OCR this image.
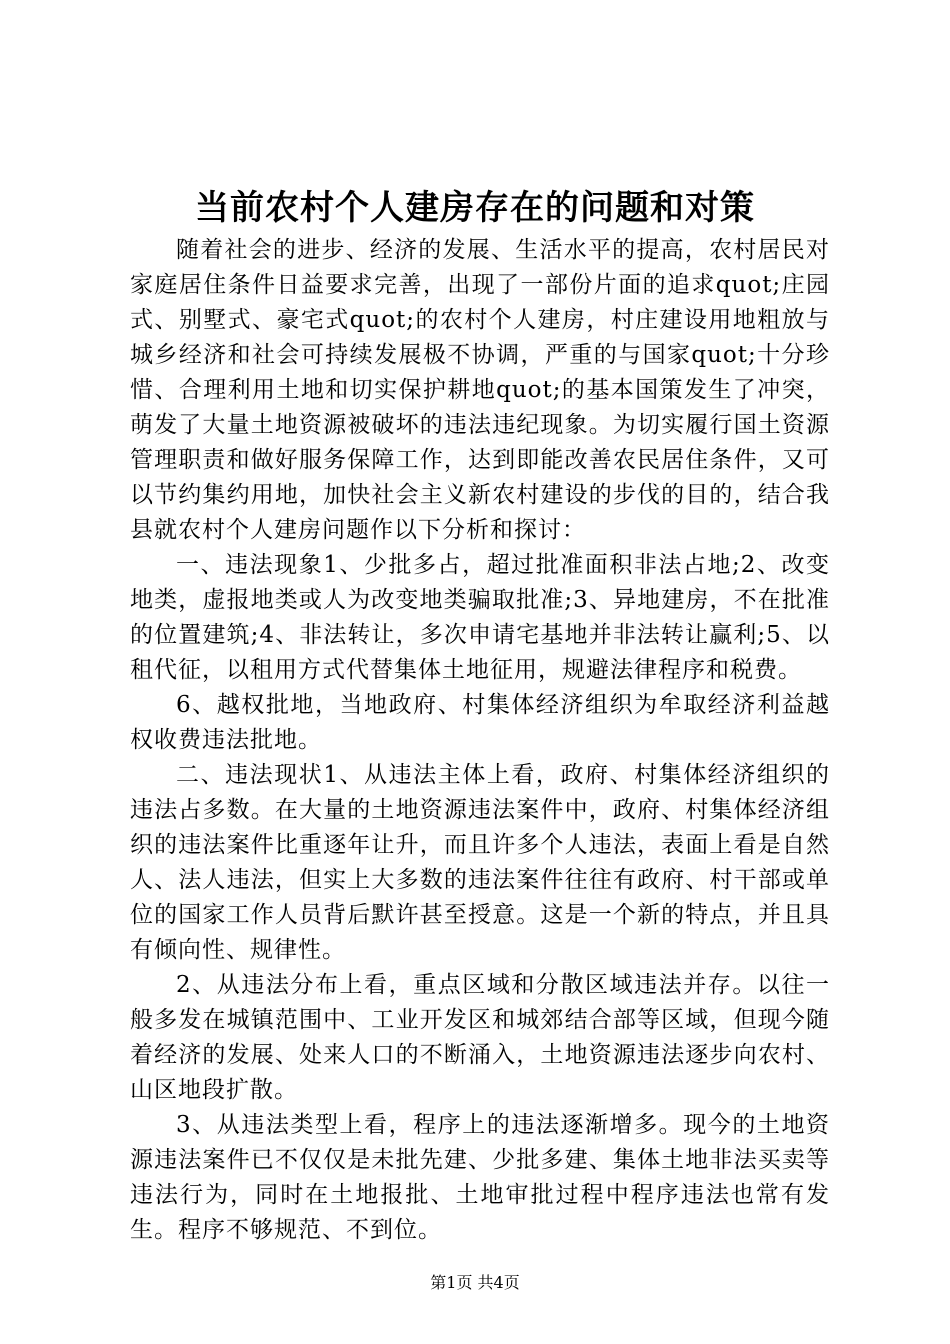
当前农村个人建房存在的问题和对策

随着社会的进步、经济的发展、生活水平的提高，农村居民对家庭居住条件日益要求完善，出现了一部份片面的追求quot;庄园式、别墅式、豪宅式quot;的农村个人建房，村庄建设用地粗放与城乡经济和社会可持续发展极不协调，严重的与国家quot;十分珍惜、合理利用土地和切实保护耕地quot;的基本国策发生了冲突，萌发了大量土地资源被破坏的违法违纪现象。为切实履行国土资源管理职责和做好服务保障工作，达到即能改善农民居住条件，又可以节约集约用地，加快社会主义新农村建设的步伐的目的，结合我县就农村个人建房问题作以下分析和探讨：

一、违法现象1、少批多占，超过批准面积非法占地;2、改变地类，虚报地类或人为改变地类骗取批准;3、异地建房，不在批准的位置建筑;4、非法转让，多次申请宅基地并非法转让赢利;5、以租代征，以租用方式代替集体土地征用，规避法律程序和税费。

6、越权批地，当地政府、村集体经济组织为牟取经济利益越权收费违法批地。

二、违法现状1、从违法主体上看，政府、村集体经济组织的违法占多数。在大量的土地资源违法案件中，政府、村集体经济组织的违法案件比重逐年让升，而且许多个人违法，表面上看是自然人、法人违法，但实上大多数的违法案件往往有政府、村干部或单位的国家工作人员背后默许甚至授意。这是一个新的特点，并且具有倾向性、规律性。

2、从违法分布上看，重点区域和分散区域违法并存。以往一般多发在城镇范围中、工业开发区和城郊结合部等区域，但现今随着经济的发展、处来人口的不断涌入，土地资源违法逐步向农村、山区地段扩散。

3、从违法类型上看，程序上的违法逐渐增多。现今的土地资源违法案件已不仅仅是未批先建、少批多建、集体土地非法买卖等违法行为，同时在土地报批、土地审批过程中程序违法也常有发生。程序不够规范、不到位。

第1页 共4页
